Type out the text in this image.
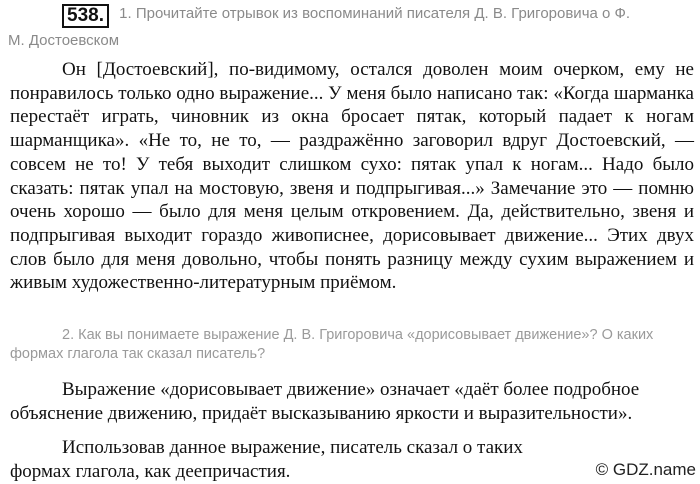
538. 1. Прочитайте отрывок из воспоминаний писателя Д. В. Григоровича о Ф.
М. Достоевском

Он [Достоевский], по-видимому, остался доволен моим очерком, ему не понравилось только одно выражение... У меня было написано так: «Когда шарманка перестаёт играть, чиновник из окна бросает пятак, который падает к ногам шарманщика». «Не то, не то, — раздражённо заговорил вдруг Достоевский, — совсем не то! У тебя выходит слишком сухо: пятак упал к ногам... Надо было сказать: пятак упал на мостовую, звеня и подпрыгивая...» Замечание это — помню очень хорошо — было для меня целым откровением. Да, действительно, звеня и подпрыгивая выходит гораздо живописнее, дорисовывает движение... Этих двух слов было для меня довольно, чтобы понять разницу между сухим выражением и живым художественно-литературным приёмом.

2. Как вы понимаете выражение Д. В. Григоровича «дорисовывает движение»? О каких формах глагола так сказал писатель?

Выражение «дорисовывает движение» означает «даёт более подробное объяснение движению, придаёт высказыванию яркости и выразительности».

Использовав данное выражение, писатель сказал о таких формах глагола, как деепричастия.	© GDZ.name
